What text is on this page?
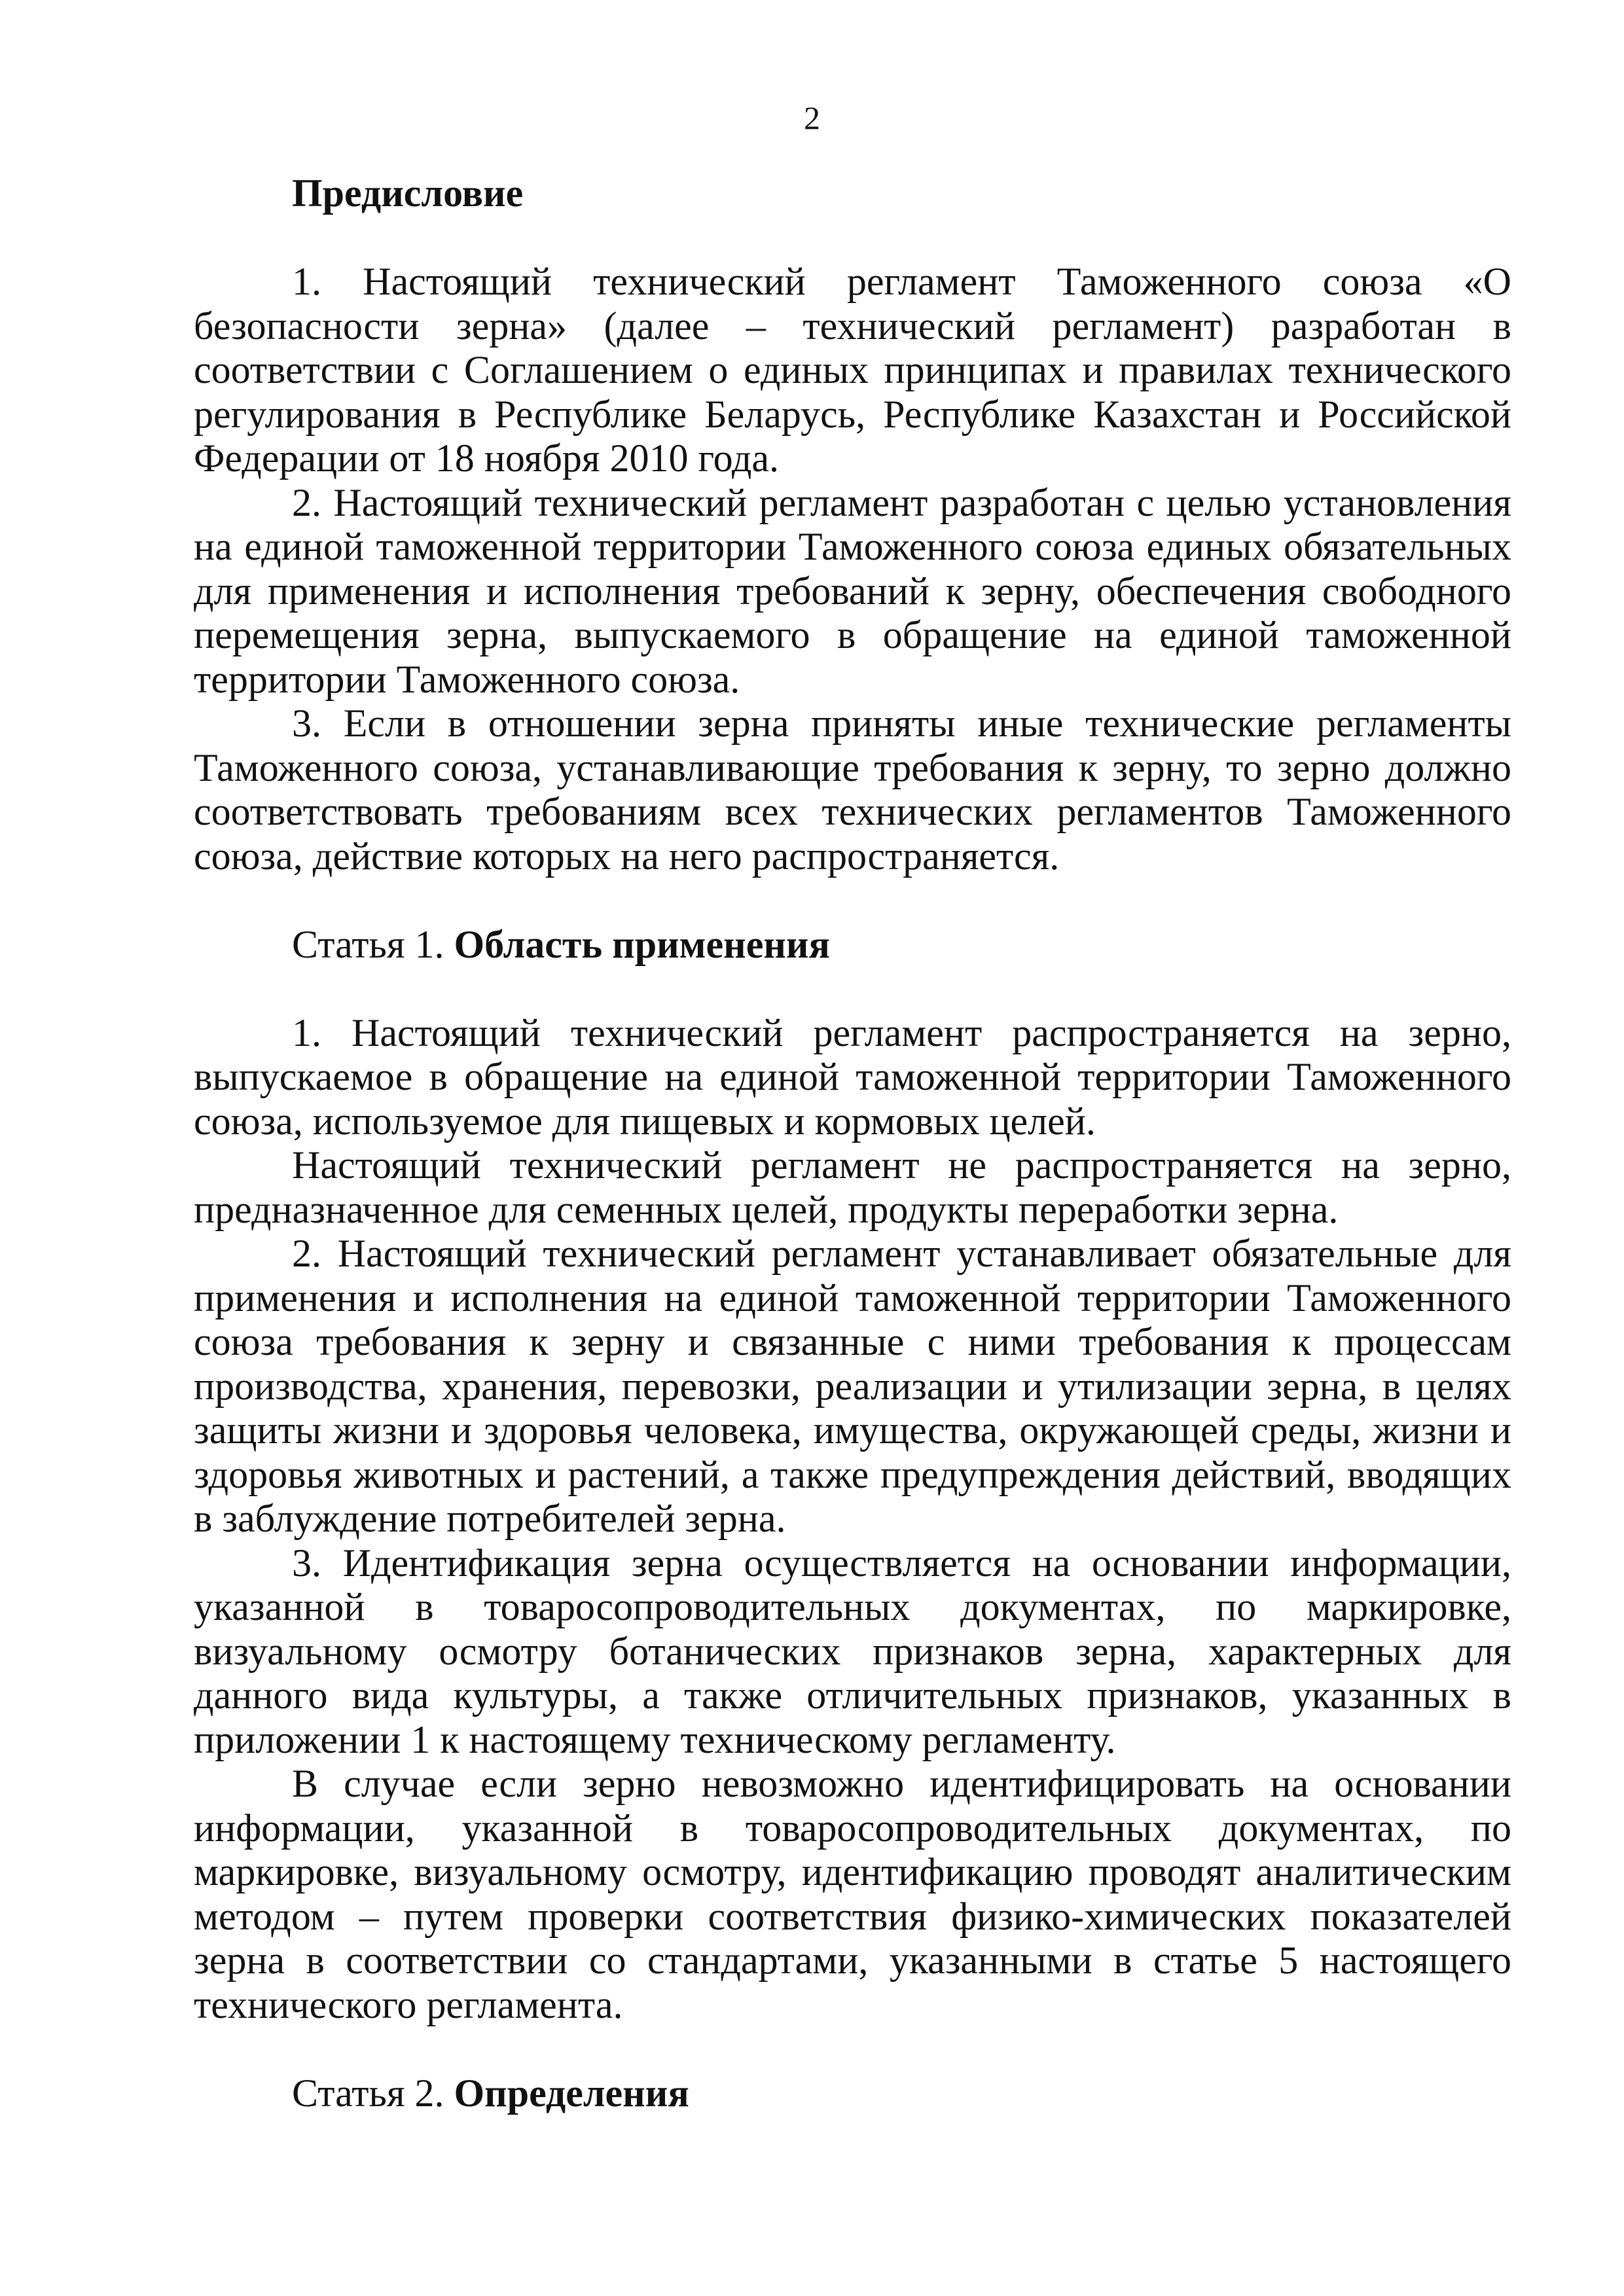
2

Предисловие

1. Настоящий технический регламент Таможенного союза «О безопасности зерна» (далее – технический регламент) разработан в соответствии с Соглашением о единых принципах и правилах технического регулирования в Республике Беларусь, Республике Казахстан и Российской Федерации от 18 ноября 2010 года.

2. Настоящий технический регламент разработан с целью установления на единой таможенной территории Таможенного союза единых обязательных для применения и исполнения требований к зерну, обеспечения свободного перемещения зерна, выпускаемого в обращение на единой таможенной территории Таможенного союза.

3. Если в отношении зерна приняты иные технические регламенты Таможенного союза, устанавливающие требования к зерну, то зерно должно соответствовать требованиям всех технических регламентов Таможенного союза, действие которых на него распространяется.

Статья 1. Область применения

1. Настоящий технический регламент распространяется на зерно, выпускаемое в обращение на единой таможенной территории Таможенного союза, используемое для пищевых и кормовых целей.

Настоящий технический регламент не распространяется на зерно, предназначенное для семенных целей, продукты переработки зерна.

2. Настоящий технический регламент устанавливает обязательные для применения и исполнения на единой таможенной территории Таможенного союза требования к зерну и связанные с ними требования к процессам производства, хранения, перевозки, реализации и утилизации зерна, в целях защиты жизни и здоровья человека, имущества, окружающей среды, жизни и здоровья животных и растений, а также предупреждения действий, вводящих в заблуждение потребителей зерна.

3. Идентификация зерна осуществляется на основании информации, указанной в товаросопроводительных документах, по маркировке, визуальному осмотру ботанических признаков зерна, характерных для данного вида культуры, а также отличительных признаков, указанных в приложении 1 к настоящему техническому регламенту.

В случае если зерно невозможно идентифицировать на основании информации, указанной в товаросопроводительных документах, по маркировке, визуальному осмотру, идентификацию проводят аналитическим методом – путем проверки соответствия физико-химических показателей зерна в соответствии со стандартами, указанными в статье 5 настоящего технического регламента.

Статья 2. Определения
